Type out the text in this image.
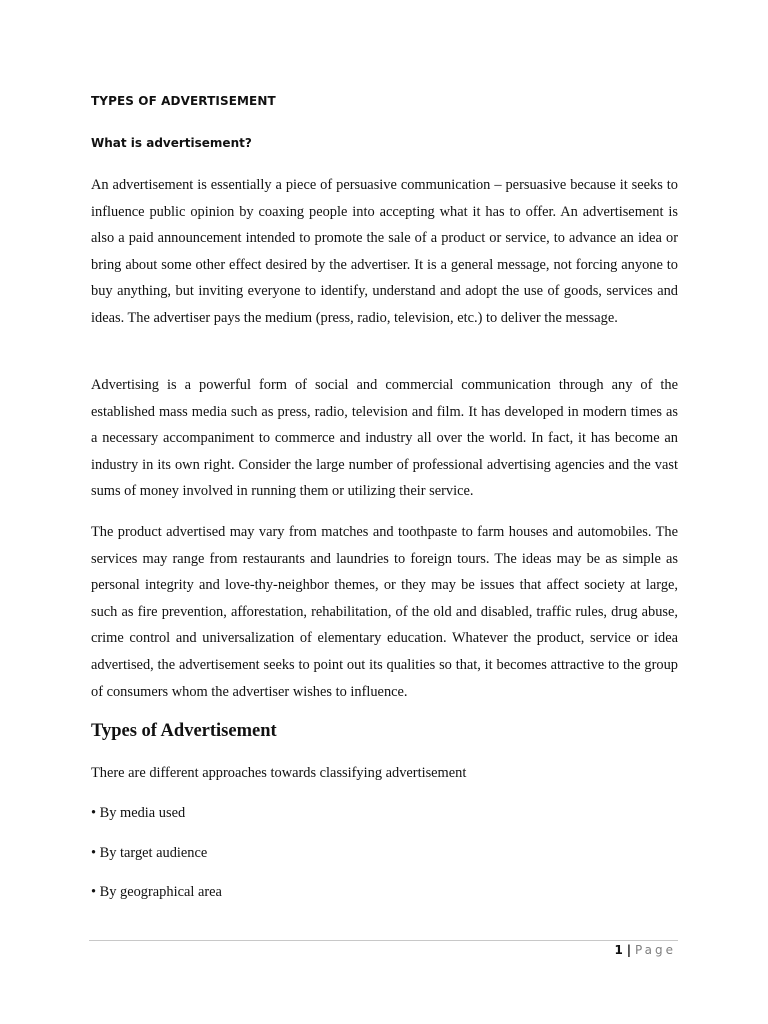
TYPES OF ADVERTISEMENT
What is advertisement?

An advertisement is essentially a piece of persuasive communication – persuasive because it seeks to influence public opinion by coaxing people into accepting what it has to offer. An advertisement is also a paid announcement intended to promote the sale of a product or service, to advance an idea or bring about some other effect desired by the advertiser. It is a general message, not forcing anyone to buy anything, but inviting everyone to identify, understand and adopt the use of goods, services and ideas. The advertiser pays the medium (press, radio, television, etc.) to deliver the message.

Advertising is a powerful form of social and commercial communication through any of the established mass media such as press, radio, television and film. It has developed in modern times as a necessary accompaniment to commerce and industry all over the world. In fact, it has become an industry in its own right. Consider the large number of professional advertising agencies and the vast sums of money involved in running them or utilizing their service.

The product advertised may vary from matches and toothpaste to farm houses and automobiles. The services may range from restaurants and laundries to foreign tours. The ideas may be as simple as personal integrity and love-thy-neighbor themes, or they may be issues that affect society at large, such as fire prevention, afforestation, rehabilitation, of the old and disabled, traffic rules, drug abuse, crime control and universalization of elementary education. Whatever the product, service or idea advertised, the advertisement seeks to point out its qualities so that, it becomes attractive to the group of consumers whom the advertiser wishes to influence.

Types of Advertisement

There are different approaches towards classifying advertisement

• By media used

• By target audience

• By geographical area

1 | Page
